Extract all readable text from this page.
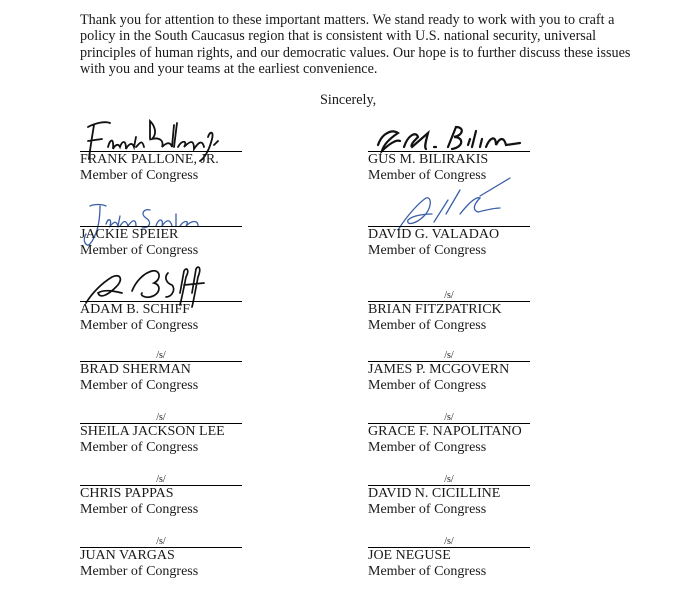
Thank you for attention to these important matters. We stand ready to work with you to craft a policy in the South Caucasus region that is consistent with U.S. national security, universal principles of human rights, and our democratic values. Our hope is to further discuss these issues with you and your teams at the earliest convenience.

Sincerely,
FRANK PALLONE, JR.
Member of Congress
JACKIE SPEIER
Member of Congress
ADAM B. SCHIFF
Member of Congress
/s/
BRAD SHERMAN
Member of Congress
/s/
SHEILA JACKSON LEE
Member of Congress
/s/
CHRIS PAPPAS
Member of Congress
/s/
JUAN VARGAS
Member of Congress
GUS M. BILIRAKIS
Member of Congress
DAVID G. VALADAO
Member of Congress
/s/
BRIAN FITZPATRICK
Member of Congress
/s/
JAMES P. MCGOVERN
Member of Congress
/s/
GRACE F. NAPOLITANO
Member of Congress
/s/
DAVID N. CICILLINE
Member of Congress
/s/
JOE NEGUSE
Member of Congress
